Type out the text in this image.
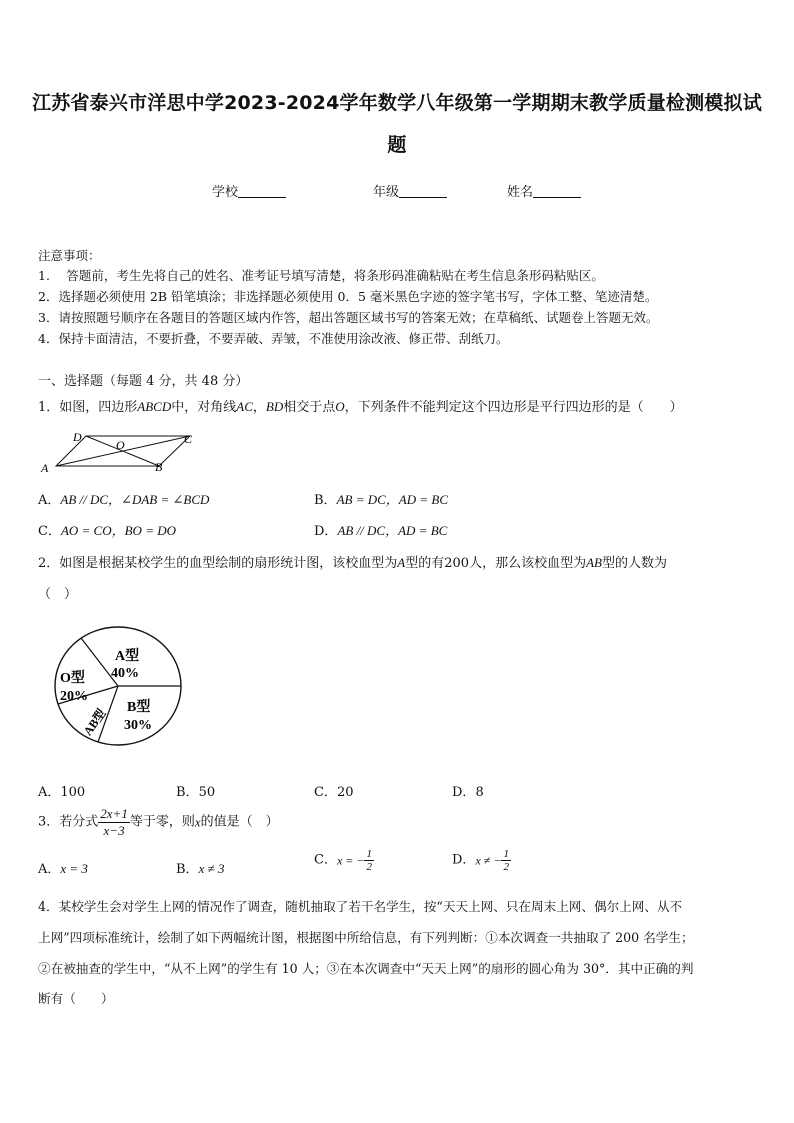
江苏省泰兴市洋思中学2023-2024学年数学八年级第一学期期末教学质量检测模拟试
题
学校	年级	姓名
注意事项：
1.　 答题前，考生先将自己的姓名、准考证号填写清楚，将条形码准确粘贴在考生信息条形码粘贴区。
2．选择题必须使用 2B 铅笔填涂；非选择题必须使用 0．5 毫米黑色字迹的签字笔书写，字体工整、笔迹清楚。
3．请按照题号顺序在各题目的答题区域内作答，超出答题区域书写的答案无效；在草稿纸、试题卷上答题无效。
4．保持卡面清洁，不要折叠，不要弄破、弄皱，不准使用涂改液、修正带、刮纸刀。
一、选择题（每题 4 分，共 48 分）
1．如图，四边形ABCD中，对角线AC，BD相交于点O，下列条件不能判定这个四边形是平行四边形的是（　　）
A	B
C
D
O
A．AB // DC，∠DAB = ∠BCD	B．AB = DC，AD = BC
C．AO = CO，BO = DO	D．AB // DC，AD = BC
2．如图是根据某校学生的血型绘制的扇形统计图，该校血型为A型的有200人，那么该校血型为AB型的人数为
（　）
A型
40%
O型
20%
B型
30%
AB型
A．100	B．50	C．20	D．8
3．若分式 $\frac{2x+1}{x-3}$ 等于零，则x的值是（　）
A．x = 3	B．x ≠ 3
C．x = − $\frac{1}{2}$	D．x ≠ − $\frac{1}{2}$
4．某校学生会对学生上网的情况作了调查，随机抽取了若干名学生，按“天天上网、只在周末上网、偶尔上网、从不
上网”四项标准统计，绘制了如下两幅统计图，根据图中所给信息，有下列判断：①本次调查一共抽取了 200 名学生；
②在被抽查的学生中，“从不上网”的学生有 10 人；③在本次调查中“天天上网”的扇形的圆心角为 30°．其中正确的判
断有（　　）
